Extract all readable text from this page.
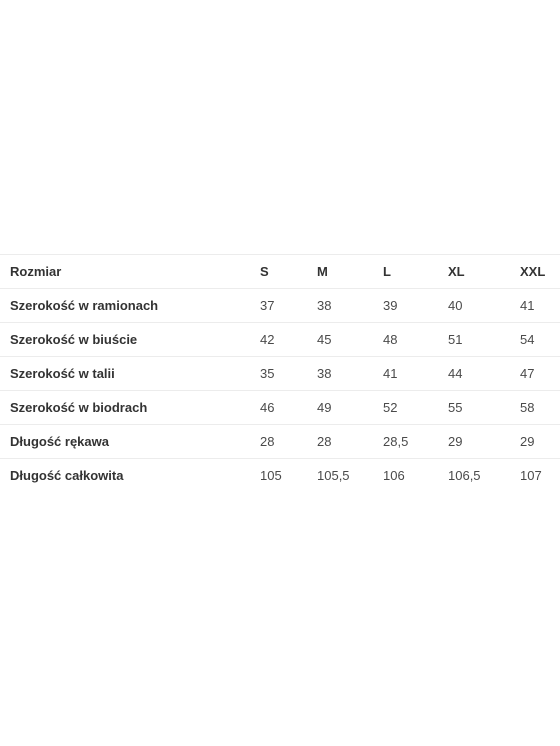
Rozmiar	S	M	L	XL	XXL
Szerokość w ramionach	37	38	39	40	41
Szerokość w biuście	42	45	48	51	54
Szerokość w talii	35	38	41	44	47
Szerokość w biodrach	46	49	52	55	58
Długość rękawa	28	28	28,5	29	29
Długość całkowita	105	105,5	106	106,5	107
